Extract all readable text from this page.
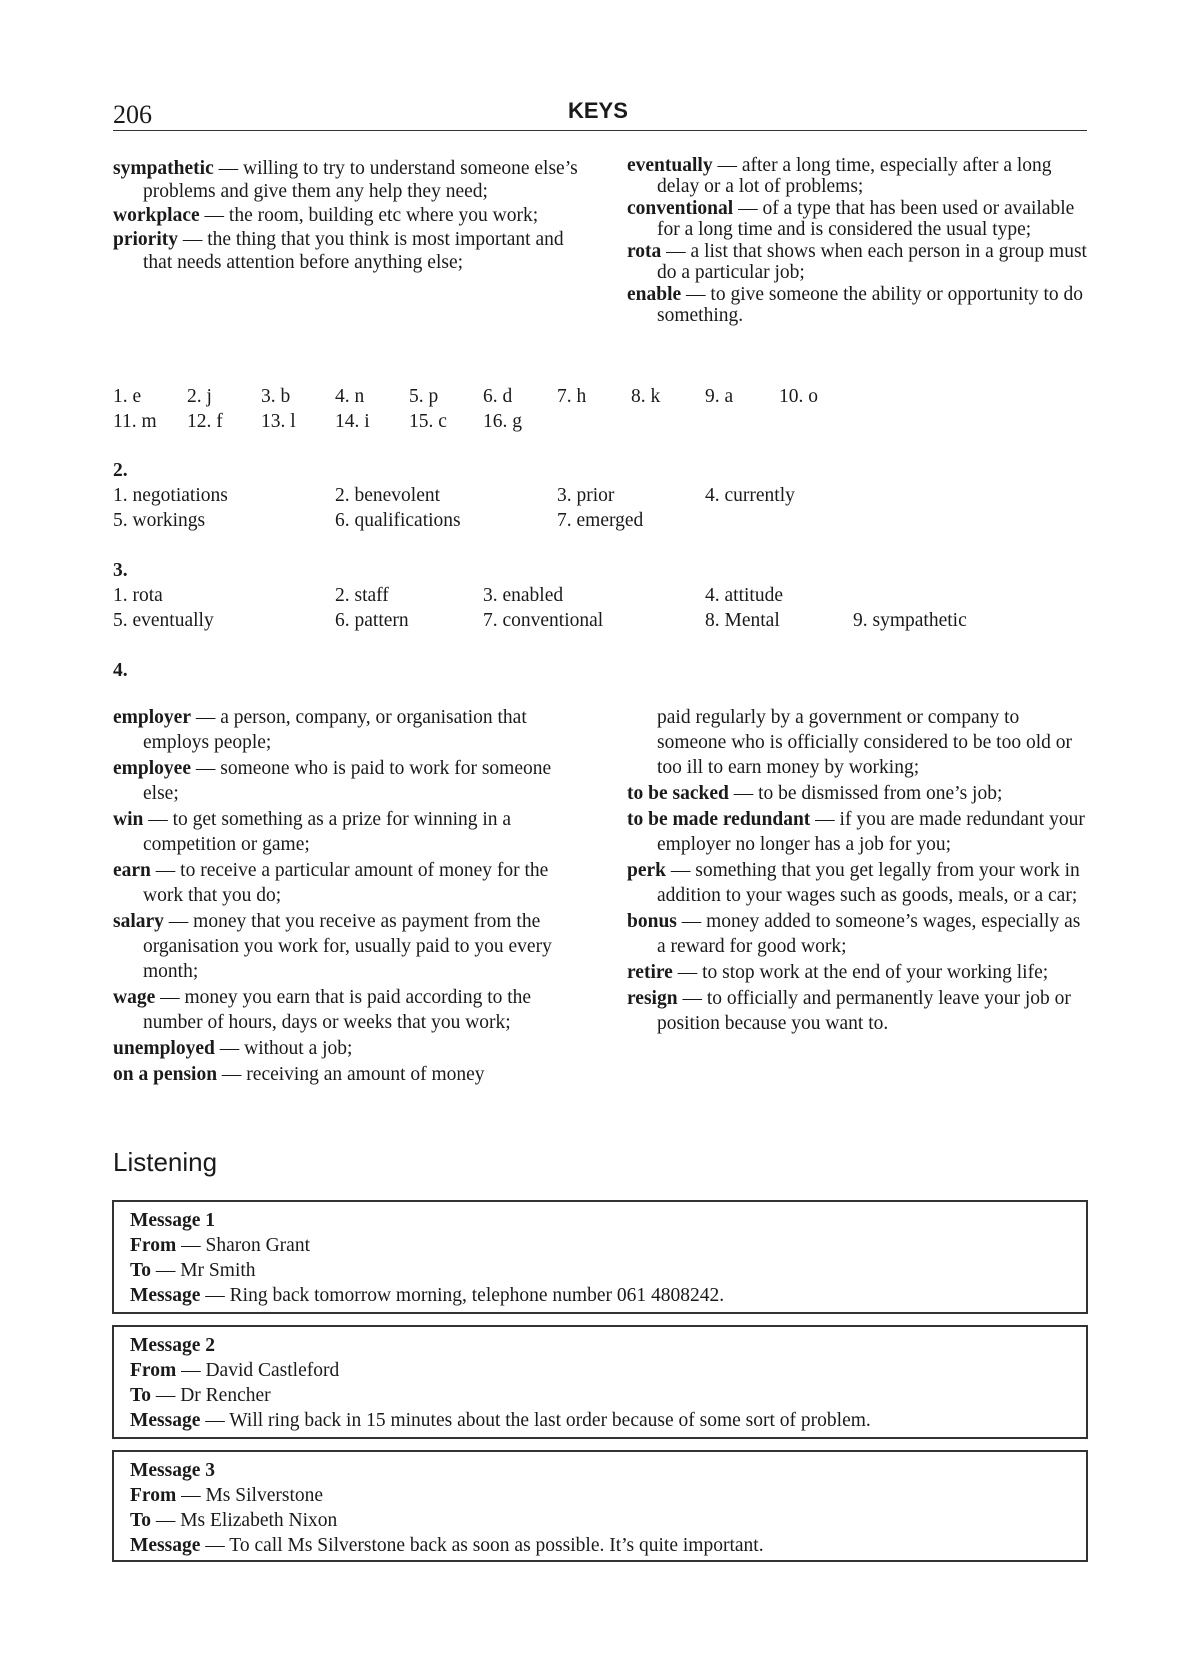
206	KEYS
sympathetic — willing to try to understand someone else’s problems and give them any help they need;
workplace — the room, building etc where you work;
priority — the thing that you think is most important and that needs attention before anything else;
eventually — after a long time, especially after a long delay or a lot of problems;
conventional — of a type that has been used or available for a long time and is considered the usual type;
rota — a list that shows when each person in a group must do a particular job;
enable — to give someone the ability or opportunity to do something.
1. e 2. j	3. b 4. n 5. p 6. d 7. h 8. k 9. a 10. o
11. m 12. f 13. l 14. i 15. c 16. g
2.
1. negotiations	2. benevolent	3. prior	4. currently
5. workings	6. qualifications	7. emerged
3.
1. rota	2. staff	3. enabled	4. attitude
5. eventually	6. pattern	7. conventional	8. Mental	9. sympathetic
4.
employer — a person, company, or organisation that employs people;
employee — someone who is paid to work for someone else;
win — to get something as a prize for winning in a competition or game;
earn — to receive a particular amount of money for the work that you do;
salary — money that you receive as payment from the organisation you work for, usually paid to you every month;
wage — money you earn that is paid according to the number of hours, days or weeks that you work;
unemployed — without a job;
on a pension — receiving an amount of money
paid regularly by a government or company to someone who is officially considered to be too old or too ill to earn money by working;
to be sacked — to be dismissed from one’s job;
to be made redundant — if you are made redundant your employer no longer has a job for you;
perk — something that you get legally from your work in addition to your wages such as goods, meals, or a car;
bonus — money added to someone’s wages, especially as a reward for good work;
retire — to stop work at the end of your working life;
resign — to officially and permanently leave your job or position because you want to.
Listening
Message 1
From — Sharon Grant
To — Mr Smith
Message — Ring back tomorrow morning, telephone number 061 4808242.
Message 2
From — David Castleford
To — Dr Rencher
Message — Will ring back in 15 minutes about the last order because of some sort of problem.
Message 3
From — Ms Silverstone
To — Ms Elizabeth Nixon
Message — To call Ms Silverstone back as soon as possible. It’s quite important.
